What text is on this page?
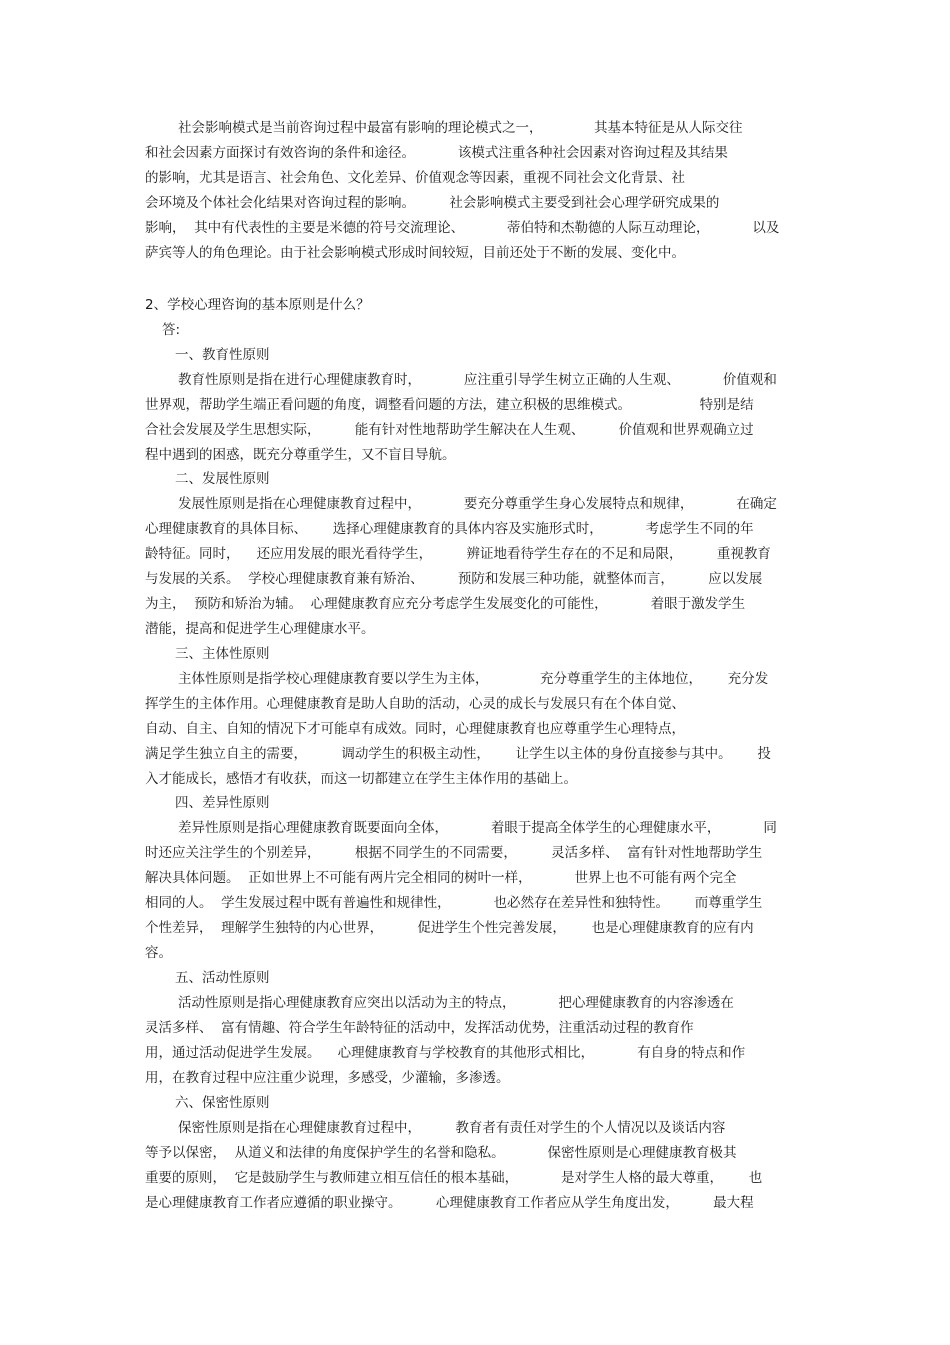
社会影响模式是当前咨询过程中最富有影响的理论模式之一，            其基本特征是从人际交往
和社会因素方面探讨有效咨询的条件和途径。          该模式注重各种社会因素对咨询过程及其结果
的影响，尤其是语言、社会角色、文化差异、价值观念等因素，重视不同社会文化背景、社
会环境及个体社会化结果对咨询过程的影响。        社会影响模式主要受到社会心理学研究成果的
影响，  其中有代表性的主要是米德的符号交流理论、          蒂伯特和杰勒德的人际互动理论，          以及
萨宾等人的角色理论。由于社会影响模式形成时间较短，目前还处于不断的发展、变化中。
2、学校心理咨询的基本原则是什么？
答:
一、教育性原则
教育性原则是指在进行心理健康教育时，          应注重引导学生树立正确的人生观、          价值观和
世界观，帮助学生端正看问题的角度，调整看问题的方法，建立积极的思维模式。                特别是结
合社会发展及学生思想实际，        能有针对性地帮助学生解决在人生观、        价值观和世界观确立过
程中遇到的困惑，既充分尊重学生，又不盲目导航。
二、发展性原则
发展性原则是指在心理健康教育过程中，          要充分尊重学生身心发展特点和规律，          在确定
心理健康教育的具体目标、      选择心理健康教育的具体内容及实施形式时，          考虑学生不同的年
龄特征。同时，    还应用发展的眼光看待学生，        辨证地看待学生存在的不足和局限，        重视教育
与发展的关系。  学校心理健康教育兼有矫治、        预防和发展三种功能，就整体而言，        应以发展
为主，  预防和矫治为辅。  心理健康教育应充分考虑学生发展变化的可能性，          着眼于激发学生
潜能，提高和促进学生心理健康水平。
三、主体性原则
主体性原则是指学校心理健康教育要以学生为主体，            充分尊重学生的主体地位，      充分发
挥学生的主体作用。心理健康教育是助人自助的活动，心灵的成长与发展只有在个体自觉、
自动、自主、自知的情况下才可能卓有成效。同时，心理健康教育也应尊重学生心理特点，
满足学生独立自主的需要，        调动学生的积极主动性，      让学生以主体的身份直接参与其中。      投
入才能成长，感悟才有收获，而这一切都建立在学生主体作用的基础上。
四、差异性原则
差异性原则是指心理健康教育既要面向全体，          着眼于提高全体学生的心理健康水平，          同
时还应关注学生的个别差异，        根据不同学生的不同需要，        灵活多样、  富有针对性地帮助学生
解决具体问题。  正如世界上不可能有两片完全相同的树叶一样，          世界上也不可能有两个完全
相同的人。  学生发展过程中既有普遍性和规律性，          也必然存在差异性和独特性。      而尊重学生
个性差异，  理解学生独特的内心世界，        促进学生个性完善发展，      也是心理健康教育的应有内
容。
五、活动性原则
活动性原则是指心理健康教育应突出以活动为主的特点，          把心理健康教育的内容渗透在
灵活多样、  富有情趣、符合学生年龄特征的活动中，发挥活动优势，注重活动过程的教育作
用，通过活动促进学生发展。    心理健康教育与学校教育的其他形式相比，          有自身的特点和作
用，在教育过程中应注重少说理，多感受，少灌输，多渗透。
六、保密性原则
保密性原则是指在心理健康教育过程中，        教育者有责任对学生的个人情况以及谈话内容
等予以保密，  从道义和法律的角度保护学生的名誉和隐私。          保密性原则是心理健康教育极其
重要的原则，  它是鼓励学生与教师建立相互信任的根本基础，          是对学生人格的最大尊重，      也
是心理健康教育工作者应遵循的职业操守。        心理健康教育工作者应从学生角度出发，        最大程
